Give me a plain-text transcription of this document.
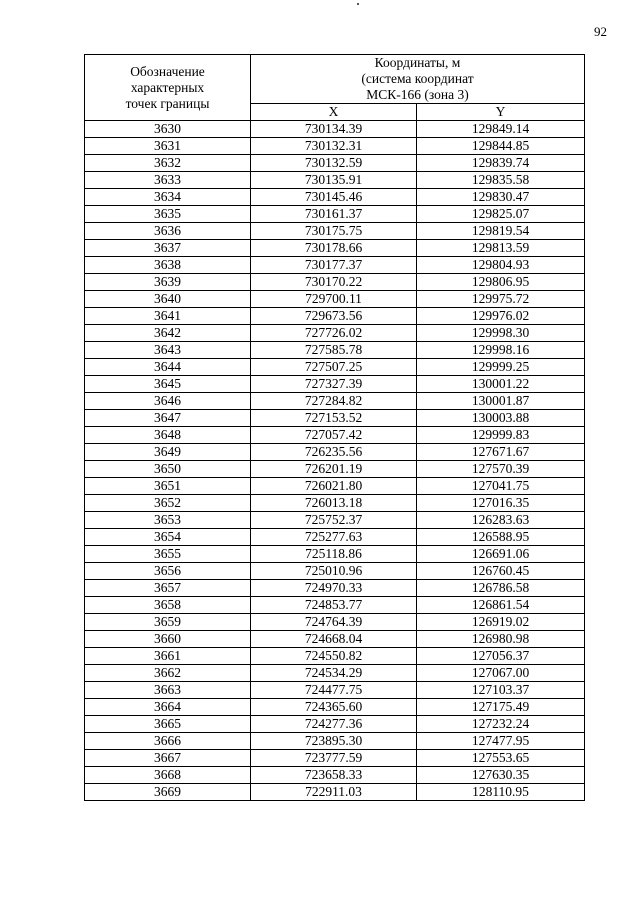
92
Обозначение
характерных
точек границы	Координаты, м
(система координат
МСК-166 (зона 3)	

	X	Y
3630	730134.39	129849.14
3631	730132.31	129844.85
3632	730132.59	129839.74
3633	730135.91	129835.58
3634	730145.46	129830.47
3635	730161.37	129825.07
3636	730175.75	129819.54
3637	730178.66	129813.59
3638	730177.37	129804.93
3639	730170.22	129806.95
3640	729700.11	129975.72
3641	729673.56	129976.02
3642	727726.02	129998.30
3643	727585.78	129998.16
3644	727507.25	129999.25
3645	727327.39	130001.22
3646	727284.82	130001.87
3647	727153.52	130003.88
3648	727057.42	129999.83
3649	726235.56	127671.67
3650	726201.19	127570.39
3651	726021.80	127041.75
3652	726013.18	127016.35
3653	725752.37	126283.63
3654	725277.63	126588.95
3655	725118.86	126691.06
3656	725010.96	126760.45
3657	724970.33	126786.58
3658	724853.77	126861.54
3659	724764.39	126919.02
3660	724668.04	126980.98
3661	724550.82	127056.37
3662	724534.29	127067.00
3663	724477.75	127103.37
3664	724365.60	127175.49
3665	724277.36	127232.24
3666	723895.30	127477.95
3667	723777.59	127553.65
3668	723658.33	127630.35
3669	722911.03	128110.95
